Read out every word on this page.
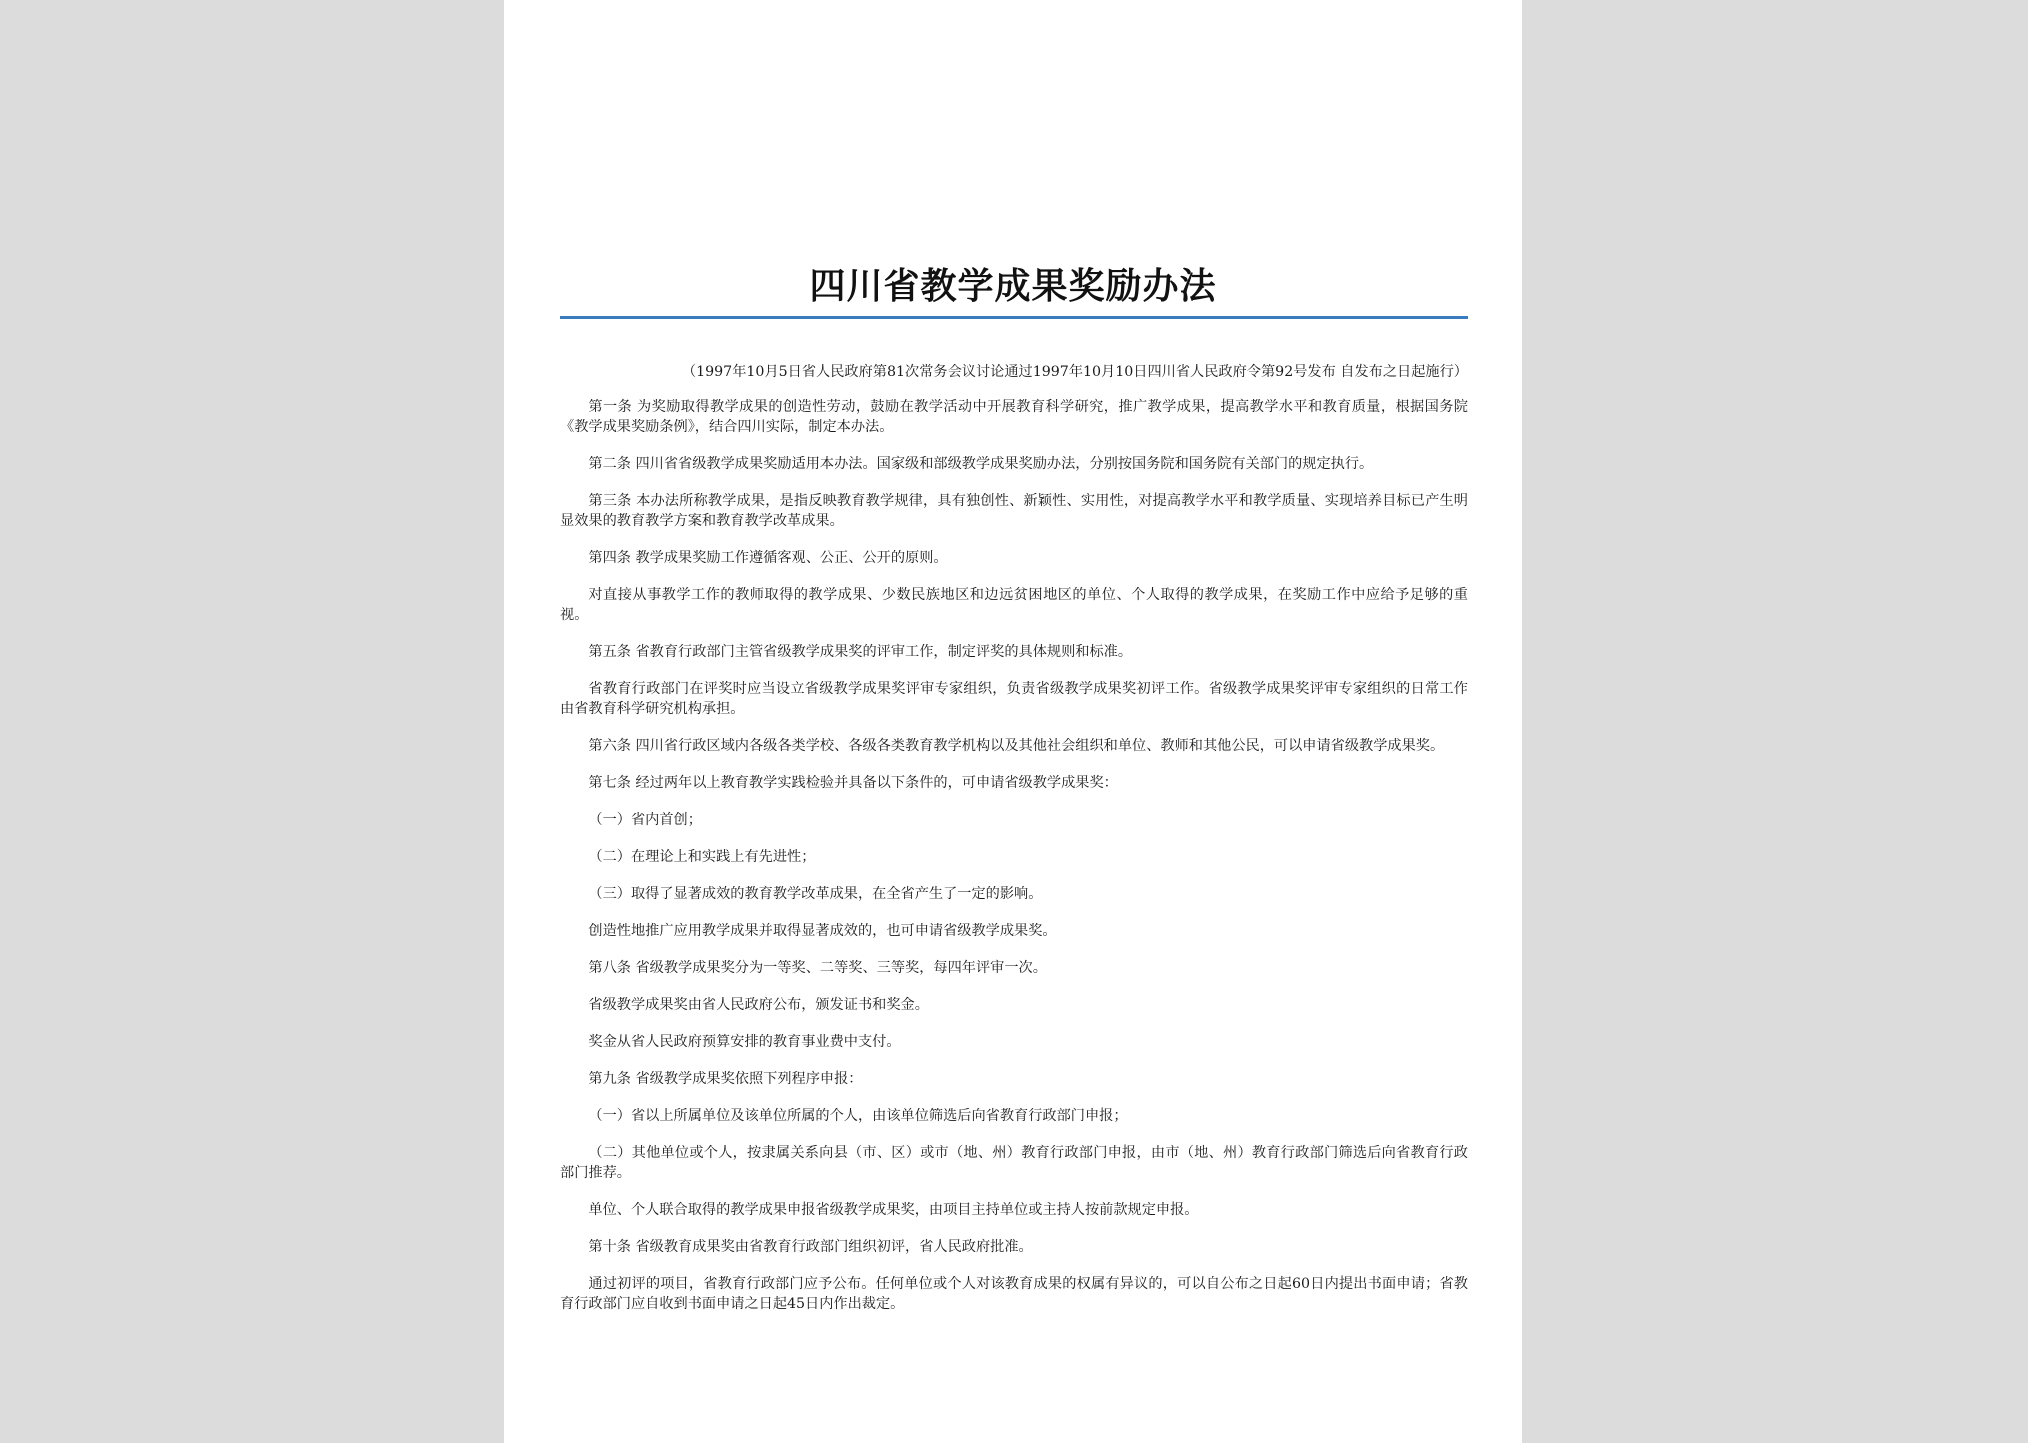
四川省教学成果奖励办法

（1997年10月5日省人民政府第81次常务会议讨论通过1997年10月10日四川省人民政府令第92号发布 自发布之日起施行）

第一条 为奖励取得教学成果的创造性劳动，鼓励在教学活动中开展教育科学研究，推广教学成果，提高教学水平和教育质量，根据国务院《教学成果奖励条例》，结合四川实际，制定本办法。

第二条 四川省省级教学成果奖励适用本办法。国家级和部级教学成果奖励办法，分别按国务院和国务院有关部门的规定执行。

第三条 本办法所称教学成果，是指反映教育教学规律，具有独创性、新颖性、实用性，对提高教学水平和教学质量、实现培养目标已产生明显效果的教育教学方案和教育教学改革成果。

第四条 教学成果奖励工作遵循客观、公正、公开的原则。

对直接从事教学工作的教师取得的教学成果、少数民族地区和边远贫困地区的单位、个人取得的教学成果，在奖励工作中应给予足够的重视。

第五条 省教育行政部门主管省级教学成果奖的评审工作，制定评奖的具体规则和标准。

省教育行政部门在评奖时应当设立省级教学成果奖评审专家组织，负责省级教学成果奖初评工作。省级教学成果奖评审专家组织的日常工作由省教育科学研究机构承担。

第六条 四川省行政区域内各级各类学校、各级各类教育教学机构以及其他社会组织和单位、教师和其他公民，可以申请省级教学成果奖。

第七条 经过两年以上教育教学实践检验并具备以下条件的，可申请省级教学成果奖：

（一）省内首创；

（二）在理论上和实践上有先进性；

（三）取得了显著成效的教育教学改革成果，在全省产生了一定的影响。

创造性地推广应用教学成果并取得显著成效的，也可申请省级教学成果奖。

第八条 省级教学成果奖分为一等奖、二等奖、三等奖，每四年评审一次。

省级教学成果奖由省人民政府公布，颁发证书和奖金。

奖金从省人民政府预算安排的教育事业费中支付。

第九条 省级教学成果奖依照下列程序申报：

（一）省以上所属单位及该单位所属的个人，由该单位筛选后向省教育行政部门申报；

（二）其他单位或个人，按隶属关系向县（市、区）或市（地、州）教育行政部门申报，由市（地、州）教育行政部门筛选后向省教育行政部门推荐。

单位、个人联合取得的教学成果申报省级教学成果奖，由项目主持单位或主持人按前款规定申报。

第十条 省级教育成果奖由省教育行政部门组织初评，省人民政府批准。

通过初评的项目，省教育行政部门应予公布。任何单位或个人对该教育成果的权属有异议的，可以自公布之日起60日内提出书面申请；省教育行政部门应自收到书面申请之日起45日内作出裁定。
